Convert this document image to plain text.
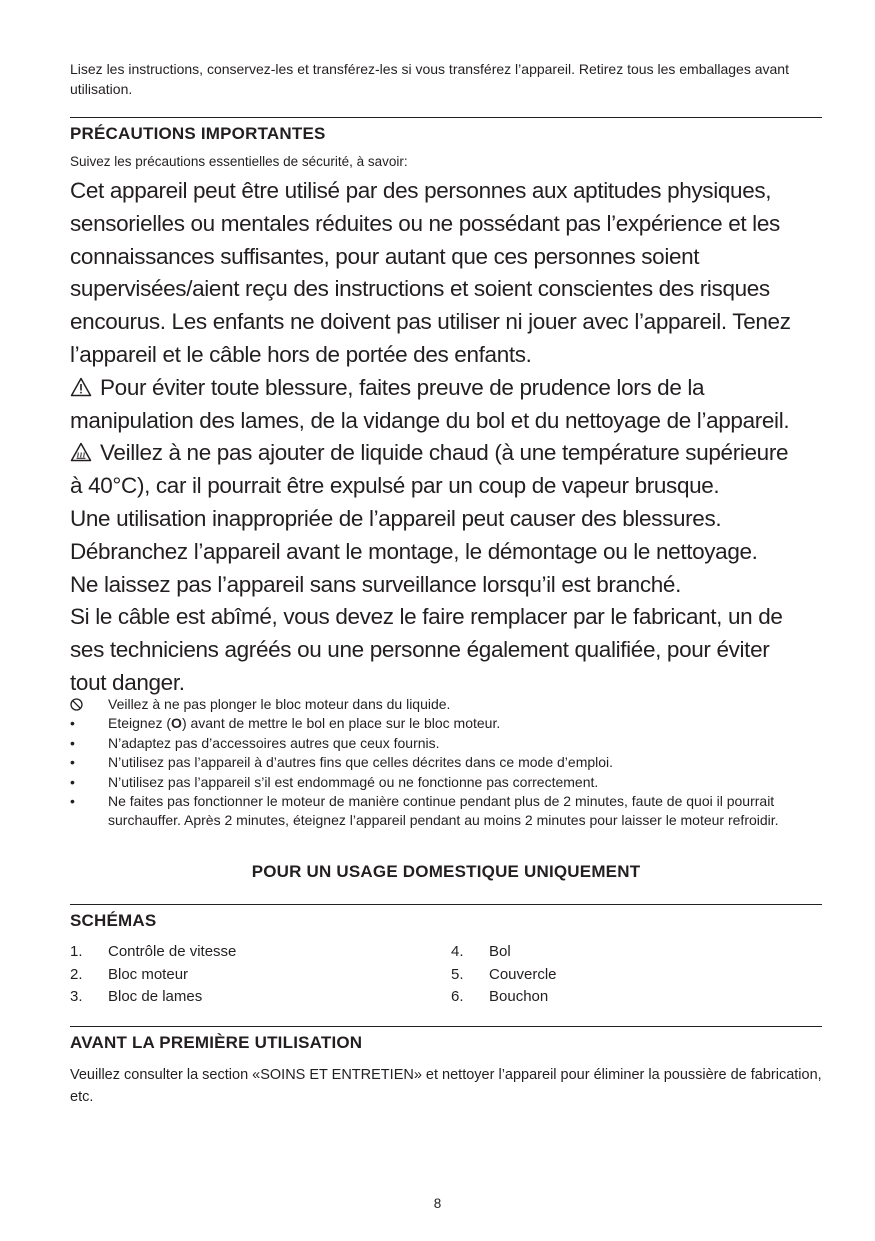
Lisez les instructions, conservez-les et transférez-les si vous transférez l’appareil. Retirez tous les emballages avant utilisation.
PRÉCAUTIONS IMPORTANTES
Suivez les précautions essentielles de sécurité, à savoir:

Cet appareil peut être utilisé par des personnes aux aptitudes physiques,

sensorielles ou mentales réduites ou ne possédant pas l’expérience et les

connaissances suffisantes, pour autant que ces personnes soient

supervisées/aient reçu des instructions et soient conscientes des risques

encourus. Les enfants ne doivent pas utiliser ni jouer avec l’appareil. Tenez

l’appareil et le câble hors de portée des enfants.

Pour éviter toute blessure, faites preuve de prudence lors de la

manipulation des lames, de la vidange du bol et du nettoyage de l’appareil.

Veillez à ne pas ajouter de liquide chaud (à une température supérieure

à 40°C), car il pourrait être expulsé par un coup de vapeur brusque.

Une utilisation inappropriée de l’appareil peut causer des blessures.

Débranchez l’appareil avant le montage, le démontage ou le nettoyage.

Ne laissez pas l’appareil sans surveillance lorsqu’il est branché.

Si le câble est abîmé, vous devez le faire remplacer par le fabricant, un de

ses techniciens agréés ou une personne également qualifiée, pour éviter

tout danger.

Veillez à ne pas plonger le bloc moteur dans du liquide.
•	Eteignez (O) avant de mettre le bol en place sur le bloc moteur.
•	N’adaptez pas d’accessoires autres que ceux fournis.
•	N’utilisez pas l’appareil à d’autres fins que celles décrites dans ce mode d’emploi.
•	N’utilisez pas l’appareil s’il est endommagé ou ne fonctionne pas correctement.
•	Ne faites pas fonctionner le moteur de manière continue pendant plus de 2 minutes, faute de quoi il pourrait surchauffer. Après 2 minutes, éteignez l’appareil pendant au moins 2 minutes pour laisser le moteur refroidir.
POUR UN USAGE DOMESTIQUE UNIQUEMENT
SCHÉMAS
1. Contrôle de vitesse
2. Bloc moteur
3. Bloc de lames
4. Bol
5. Couvercle
6. Bouchon
AVANT LA PREMIÈRE UTILISATION
Veuillez consulter la section «SOINS ET ENTRETIEN» et nettoyer l’appareil pour éliminer la poussière de fabrication, etc.
8
